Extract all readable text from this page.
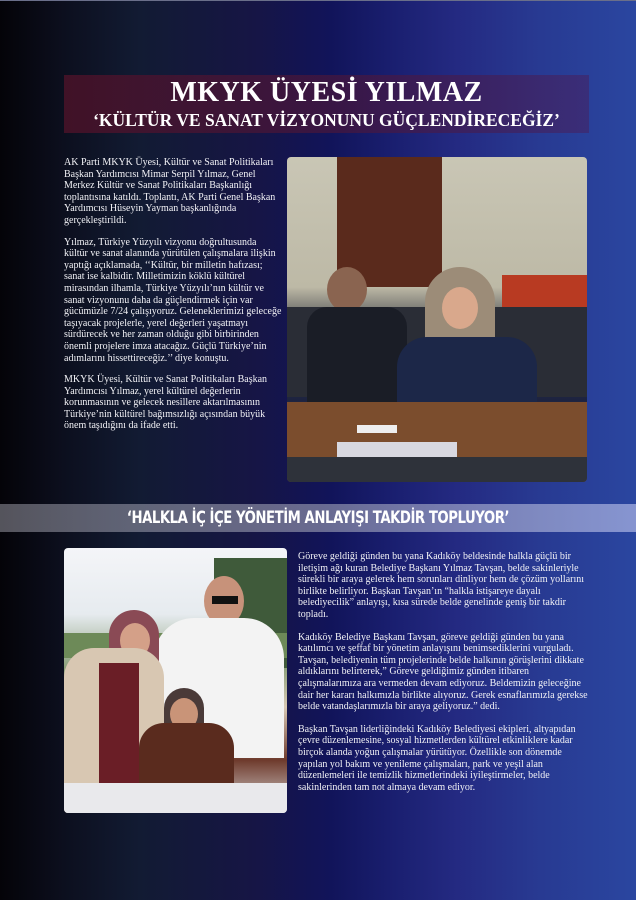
MKYK ÜYESİ YILMAZ
‘KÜLTÜR VE SANAT VİZYONUNU GÜÇLENDİRECEĞİZ’

AK Parti MKYK Üyesi, Kültür ve Sanat Politikaları Başkan Yardımcısı Mimar Serpil Yılmaz, Genel Merkez Kültür ve Sanat Politikaları Başkanlığı toplantısına katıldı. Toplantı, AK Parti Genel Başkan Yardımcısı Hüseyin Yayman başkanlığında gerçekleştirildi.

Yılmaz, Türkiye Yüzyılı vizyonu doğrultusunda kültür ve sanat alanında yürütülen çalışmalara ilişkin yaptığı açıklamada, ‘‘Kültür, bir milletin hafızası; sanat ise kalbidir. Milletimizin köklü kültürel mirasından ilhamla, Türkiye Yüzyılı’nın kültür ve sanat vizyonunu daha da güçlendirmek için var gücümüzle 7/24 çalışıyoruz. Geleneklerimizi geleceğe taşıyacak projelerle, yerel değerleri yaşatmayı sürdürecek ve her zaman olduğu gibi birbirinden önemli projelere imza atacağız. Güçlü Türkiye’nin adımlarını hissettireceğiz.’’ diye konuştu.

MKYK Üyesi, Kültür ve Sanat Politikaları Başkan Yardımcısı Yılmaz, yerel kültürel değerlerin korunmasının ve gelecek nesillere aktarılmasının Türkiye’nin kültürel bağımsızlığı açısından büyük önem taşıdığını da ifade etti.

‘HALKLA İÇ İÇE YÖNETİM ANLAYIŞI TAKDİR TOPLUYOR’

Göreve geldiği günden bu yana Kadıköy beldesinde halkla güçlü bir iletişim ağı kuran Belediye Başkanı Yılmaz Tavşan, belde sakinleriyle sürekli bir araya gelerek hem sorunları dinliyor hem de çözüm yollarını birlikte belirliyor. Başkan Tavşan’ın “halkla istişareye dayalı belediyecilik” anlayışı, kısa sürede belde genelinde geniş bir takdir topladı.

Kadıköy Belediye Başkanı Tavşan, göreve geldiği günden bu yana katılımcı ve şeffaf bir yönetim anlayışını benimsediklerini vurguladı. Tavşan, belediyenin tüm projelerinde belde halkının görüşlerini dikkate aldıklarını belirterek,” Göreve geldiğimiz günden itibaren çalışmalarımıza ara vermeden devam ediyoruz. Beldemizin geleceğine dair her kararı halkımızla birlikte alıyoruz. Gerek esnaflarımızla gerekse belde vatandaşlarımızla bir araya geliyoruz.” dedi.

Başkan Tavşan liderliğindeki Kadıköy Belediyesi ekipleri, altyapıdan çevre düzenlemesine, sosyal hizmetlerden kültürel etkinliklere kadar birçok alanda yoğun çalışmalar yürütüyor. Özellikle son dönemde yapılan yol bakım ve yenileme çalışmaları, park ve yeşil alan düzenlemeleri ile temizlik hizmetlerindeki iyileştirmeler, belde sakinlerinden tam not almaya devam ediyor.
